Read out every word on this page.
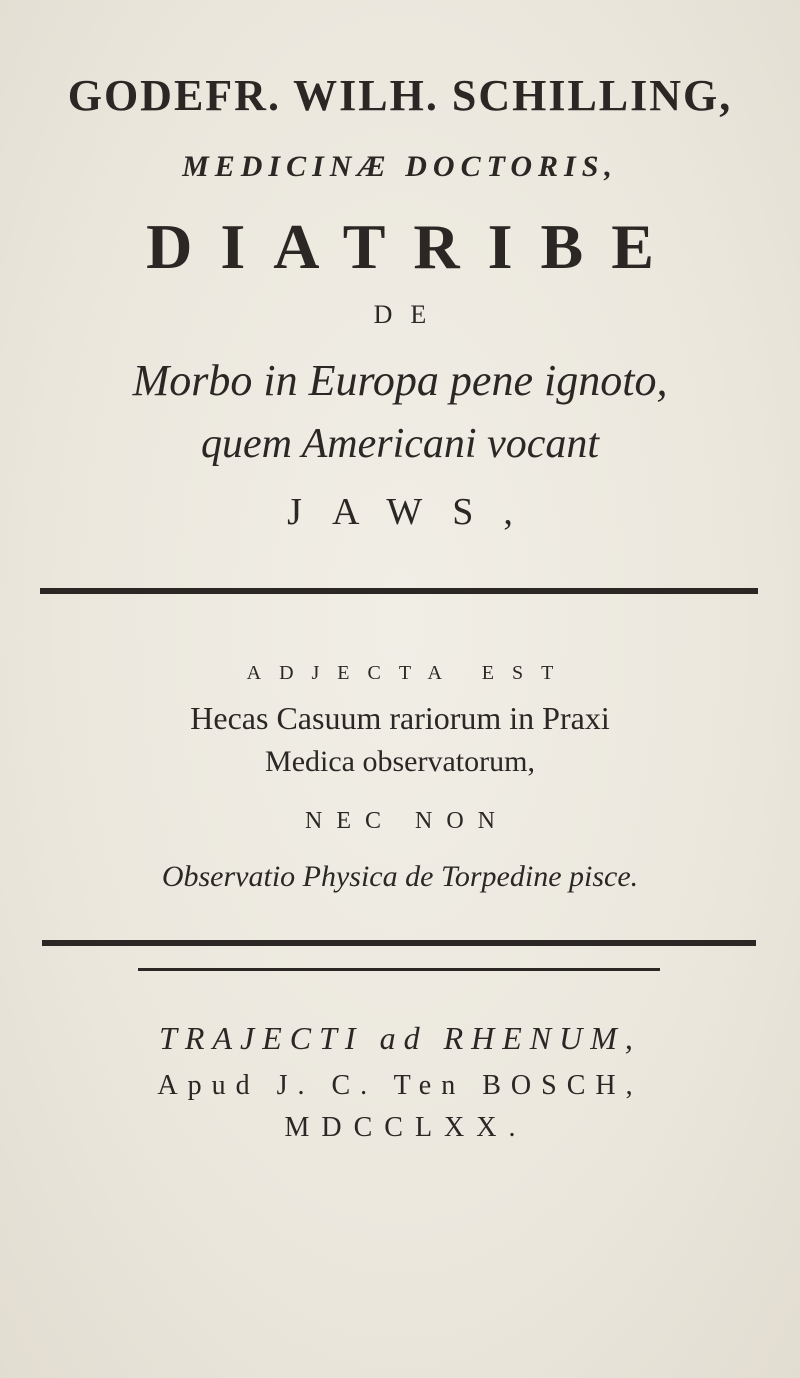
GODEFR. WILH. SCHILLING,
MEDICINÆ DOCTORIS,
DIATRIBE
DE
Morbo in Europa pene ignoto,
quem Americani vocant
JAWS,
ADJECTA EST
Hecas Casuum rariorum in Praxi
Medica observatorum,
NEC NON
Observatio Physica de Torpedine pisce.
TRAJECTI ad RHENUM,
Apud J. C. Ten BOSCH,
MDCCLXX.
